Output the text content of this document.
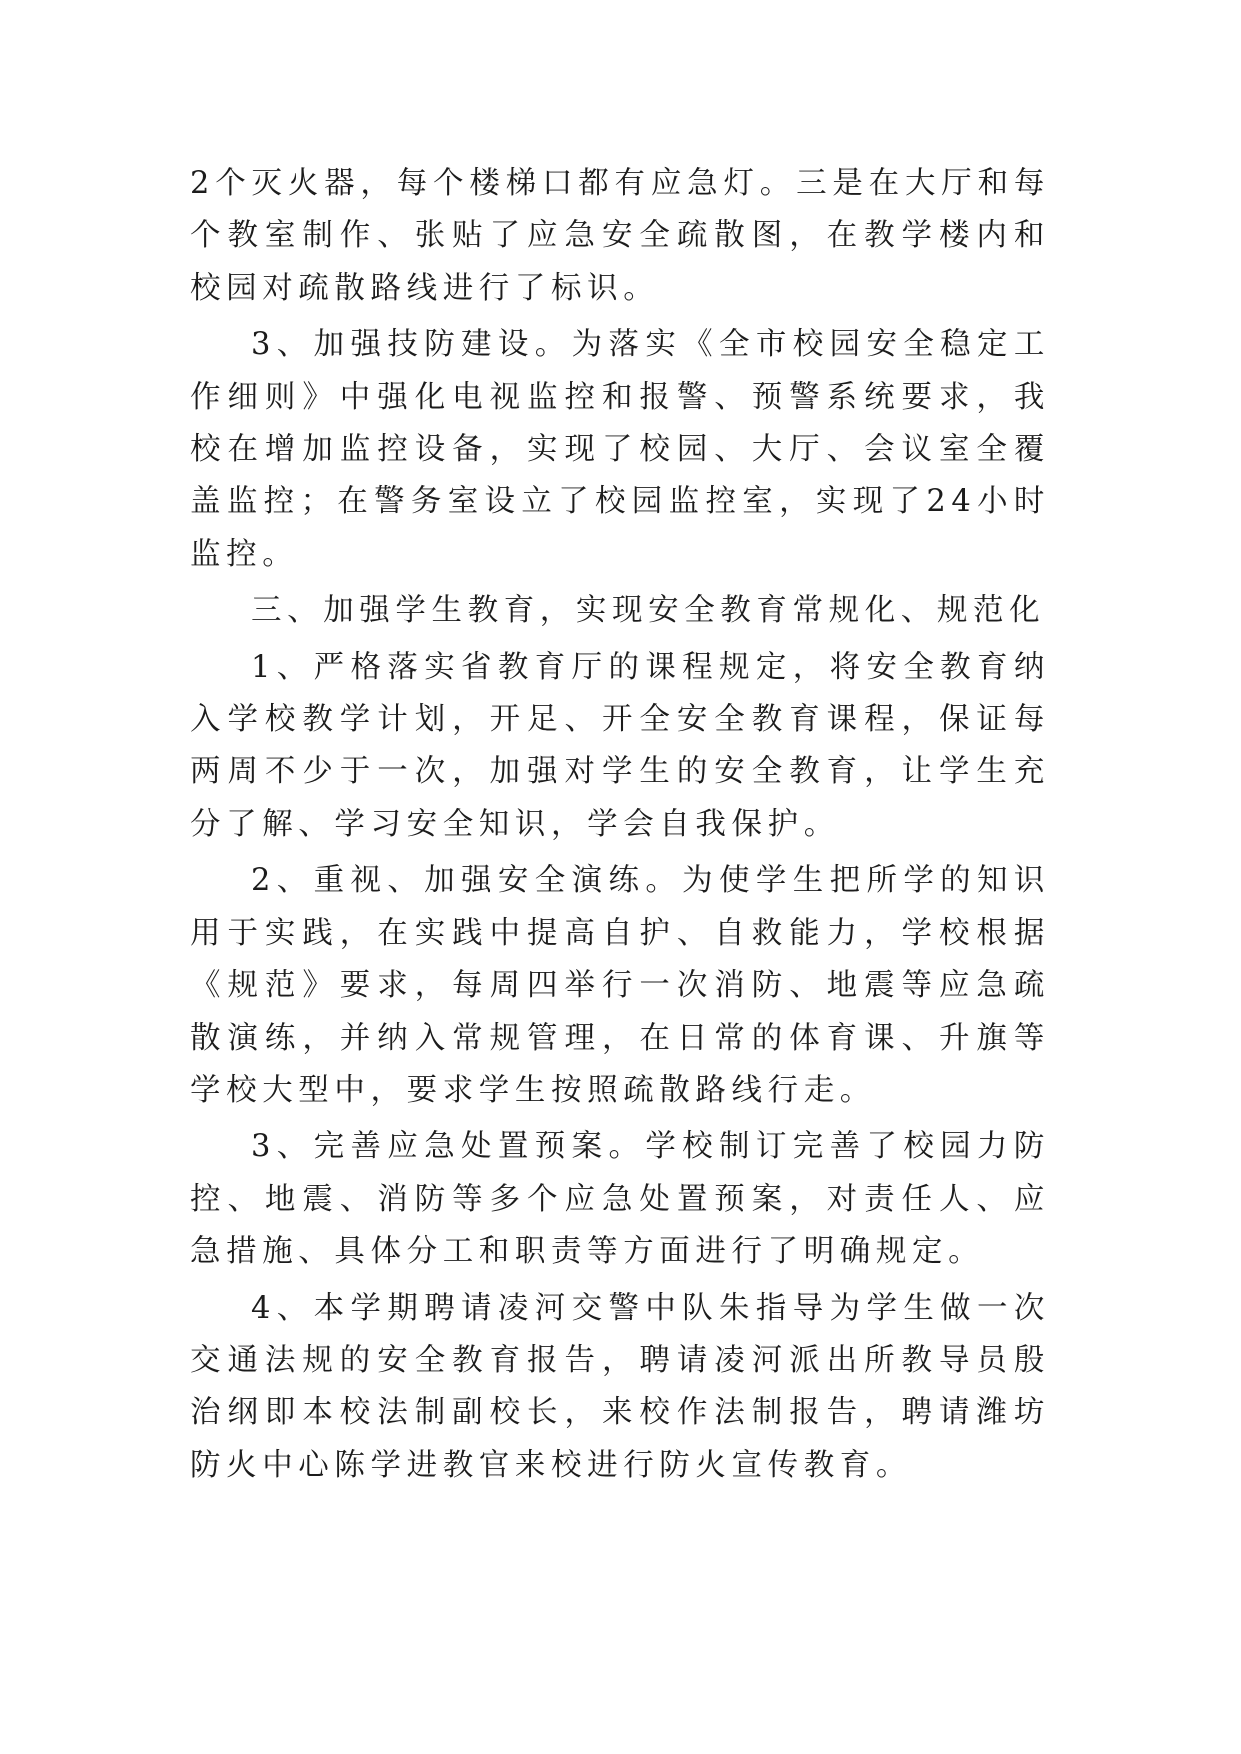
2个灭火器，每个楼梯口都有应急灯。三是在大厅和每个教室制作、张贴了应急安全疏散图，在教学楼内和校园对疏散路线进行了标识。

3、加强技防建设。为落实《全市校园安全稳定工作细则》中强化电视监控和报警、预警系统要求，我校在增加监控设备，实现了校园、大厅、会议室全覆盖监控；在警务室设立了校园监控室，实现了24小时监控。

三、加强学生教育，实现安全教育常规化、规范化

1、严格落实省教育厅的课程规定，将安全教育纳入学校教学计划，开足、开全安全教育课程，保证每两周不少于一次，加强对学生的安全教育，让学生充分了解、学习安全知识，学会自我保护。

2、重视、加强安全演练。为使学生把所学的知识用于实践，在实践中提高自护、自救能力，学校根据《规范》要求，每周四举行一次消防、地震等应急疏散演练，并纳入常规管理，在日常的体育课、升旗等学校大型中，要求学生按照疏散路线行走。

3、完善应急处置预案。学校制订完善了校园力防控、地震、消防等多个应急处置预案，对责任人、应急措施、具体分工和职责等方面进行了明确规定。

4、本学期聘请凌河交警中队朱指导为学生做一次交通法规的安全教育报告，聘请凌河派出所教导员殷治纲即本校法制副校长，来校作法制报告，聘请潍坊防火中心陈学进教官来校进行防火宣传教育。
